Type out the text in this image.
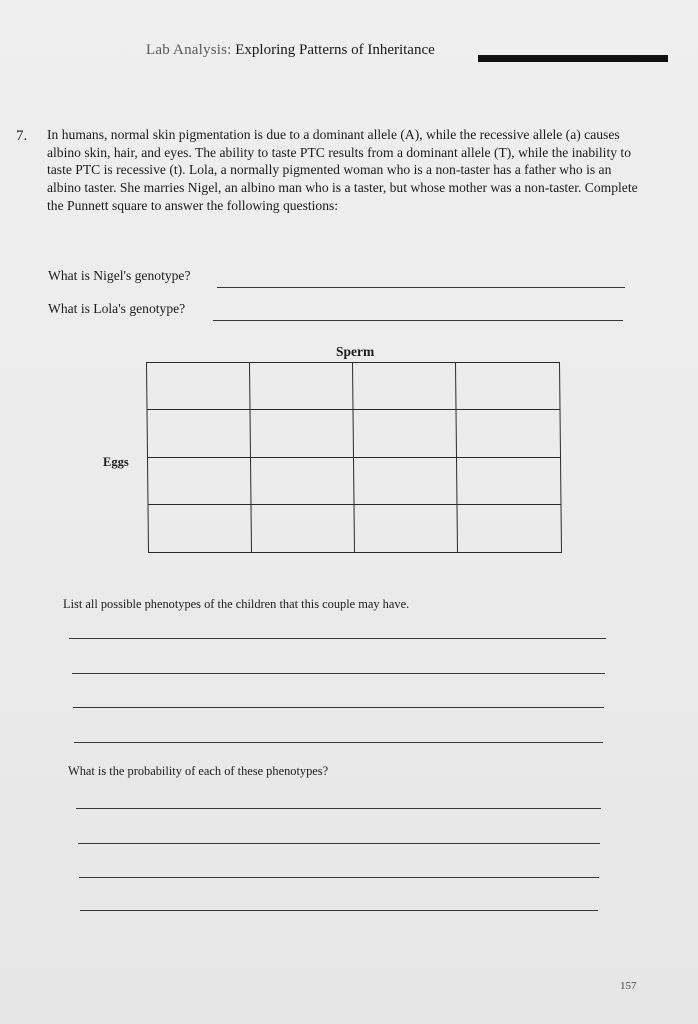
Lab Analysis: Exploring Patterns of Inheritance
7. In humans, normal skin pigmentation is due to a dominant allele (A), while the recessive allele (a) causes albino skin, hair, and eyes. The ability to taste PTC results from a dominant allele (T), while the inability to taste PTC is recessive (t). Lola, a normally pigmented woman who is a non-taster has a father who is an albino taster. She marries Nigel, an albino man who is a taster, but whose mother was a non-taster. Complete the Punnett square to answer the following questions:
What is Nigel's genotype?
What is Lola's genotype?
Sperm
Eggs
List all possible phenotypes of the children that this couple may have.
What is the probability of each of these phenotypes?
157
